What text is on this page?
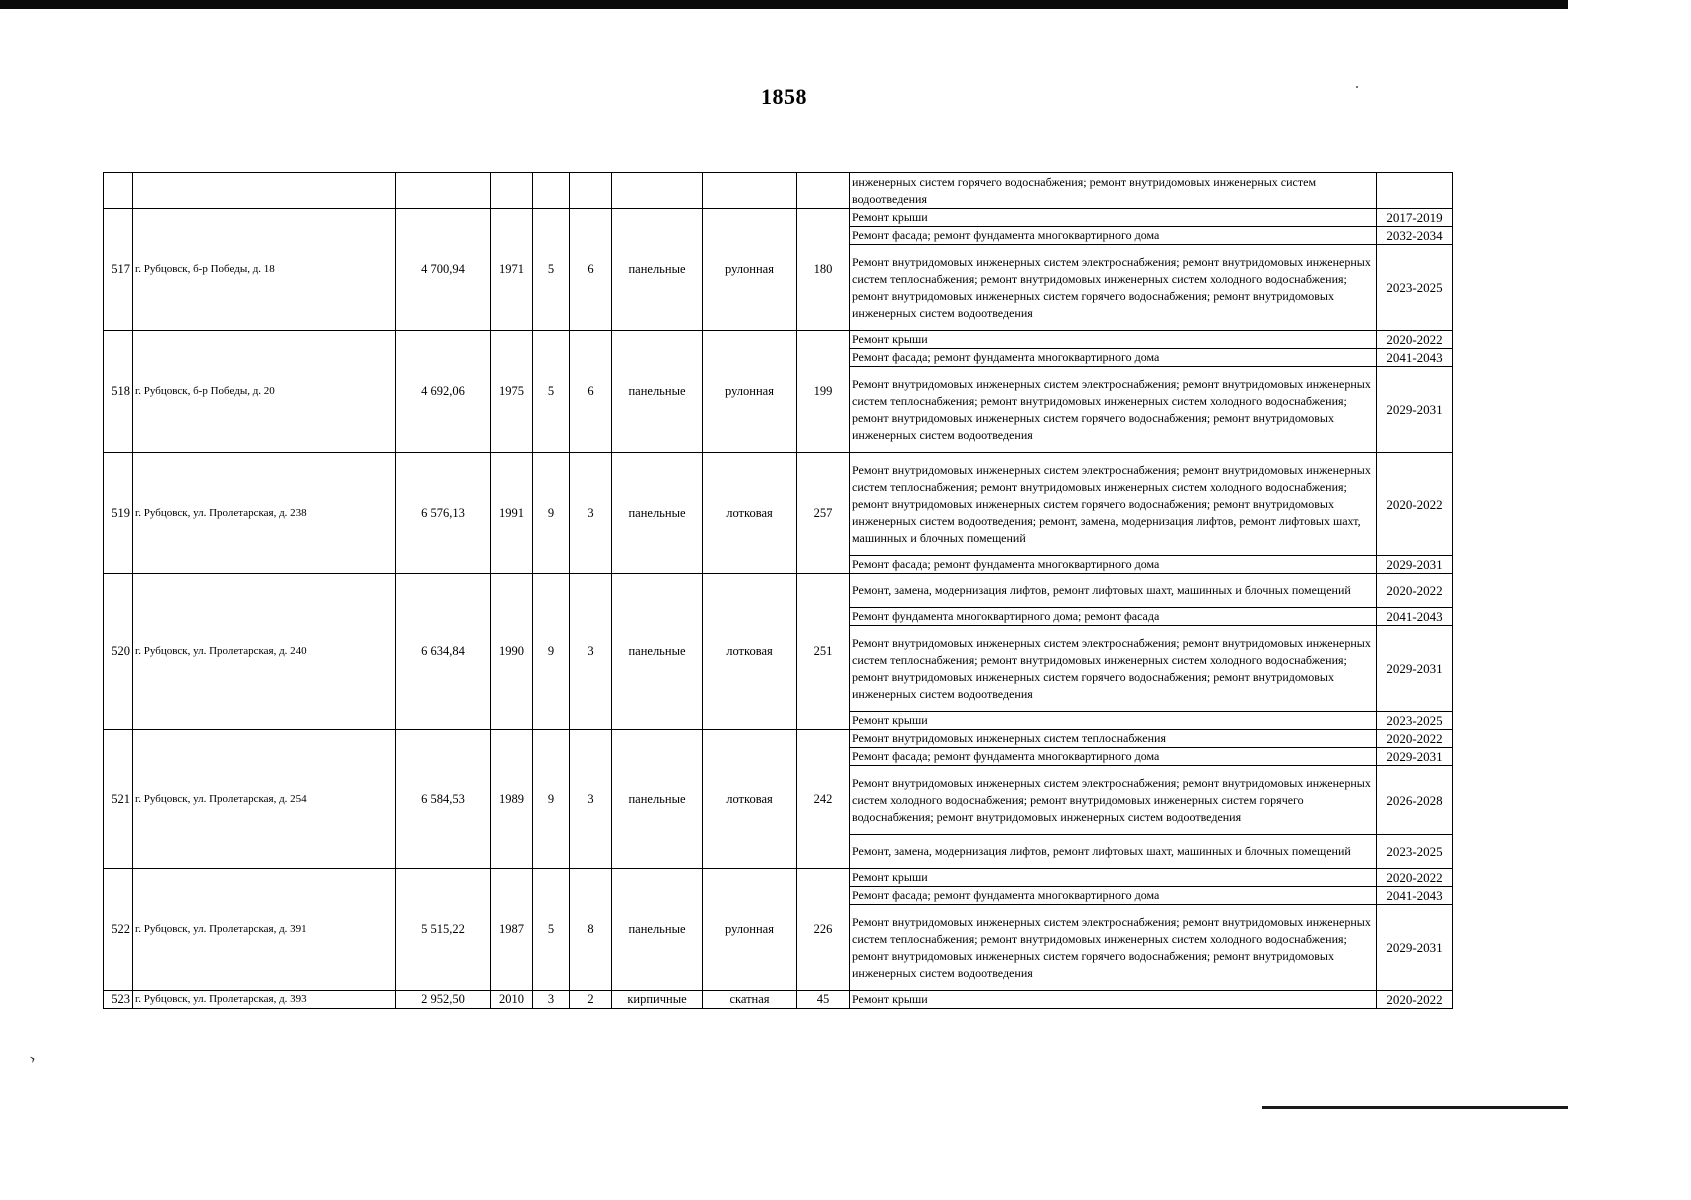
1858
									инженерных систем горячего водоснабжения; ремонт внутридомовых инженерных систем водоотведения	
517	г. Рубцовск, б-р Победы, д. 18	4 700,94	1971	5	6	панельные	рулонная	180	Ремонт крыши	2017-2019
									Ремонт фасада; ремонт фундамента многоквартирного дома	2032-2034
									Ремонт внутридомовых инженерных систем электроснабжения; ремонт внутридомовых инженерных систем теплоснабжения; ремонт внутридомовых инженерных систем холодного водоснабжения; ремонт внутридомовых инженерных систем горячего водоснабжения; ремонт внутридомовых инженерных систем водоотведения	2023-2025
518	г. Рубцовск, б-р Победы, д. 20	4 692,06	1975	5	6	панельные	рулонная	199	Ремонт крыши	2020-2022
									Ремонт фасада; ремонт фундамента многоквартирного дома	2041-2043
									Ремонт внутридомовых инженерных систем электроснабжения; ремонт внутридомовых инженерных систем теплоснабжения; ремонт внутридомовых инженерных систем холодного водоснабжения; ремонт внутридомовых инженерных систем горячего водоснабжения; ремонт внутридомовых инженерных систем водоотведения	2029-2031
519	г. Рубцовск, ул. Пролетарская, д. 238	6 576,13	1991	9	3	панельные	лотковая	257	Ремонт внутридомовых инженерных систем электроснабжения; ремонт внутридомовых инженерных систем теплоснабжения; ремонт внутридомовых инженерных систем холодного водоснабжения; ремонт внутридомовых инженерных систем горячего водоснабжения; ремонт внутридомовых инженерных систем водоотведения; ремонт, замена, модернизация лифтов, ремонт лифтовых шахт, машинных и блочных помещений	2020-2022
									Ремонт фасада; ремонт фундамента многоквартирного дома	2029-2031
520	г. Рубцовск, ул. Пролетарская, д. 240	6 634,84	1990	9	3	панельные	лотковая	251	Ремонт, замена, модернизация лифтов, ремонт лифтовых шахт, машинных и блочных помещений	2020-2022
									Ремонт фундамента многоквартирного дома; ремонт фасада	2041-2043
									Ремонт внутридомовых инженерных систем электроснабжения; ремонт внутридомовых инженерных систем теплоснабжения; ремонт внутридомовых инженерных систем холодного водоснабжения; ремонт внутридомовых инженерных систем горячего водоснабжения; ремонт внутридомовых инженерных систем водоотведения	2029-2031
									Ремонт крыши	2023-2025
521	г. Рубцовск, ул. Пролетарская, д. 254	6 584,53	1989	9	3	панельные	лотковая	242	Ремонт внутридомовых инженерных систем теплоснабжения	2020-2022
									Ремонт фасада; ремонт фундамента многоквартирного дома	2029-2031
									Ремонт внутридомовых инженерных систем электроснабжения; ремонт внутридомовых инженерных систем холодного водоснабжения; ремонт внутридомовых инженерных систем горячего водоснабжения; ремонт внутридомовых инженерных систем водоотведения	2026-2028
									Ремонт, замена, модернизация лифтов, ремонт лифтовых шахт, машинных и блочных помещений	2023-2025
522	г. Рубцовск, ул. Пролетарская, д. 391	5 515,22	1987	5	8	панельные	рулонная	226	Ремонт крыши	2020-2022
									Ремонт фасада; ремонт фундамента многоквартирного дома	2041-2043
									Ремонт внутридомовых инженерных систем электроснабжения; ремонт внутридомовых инженерных систем теплоснабжения; ремонт внутридомовых инженерных систем холодного водоснабжения; ремонт внутридомовых инженерных систем горячего водоснабжения; ремонт внутридомовых инженерных систем водоотведения	2029-2031
523	г. Рубцовск, ул. Пролетарская, д. 393	2 952,50	2010	3	2	кирпичные	скатная	45	Ремонт крыши	2020-2022
›
